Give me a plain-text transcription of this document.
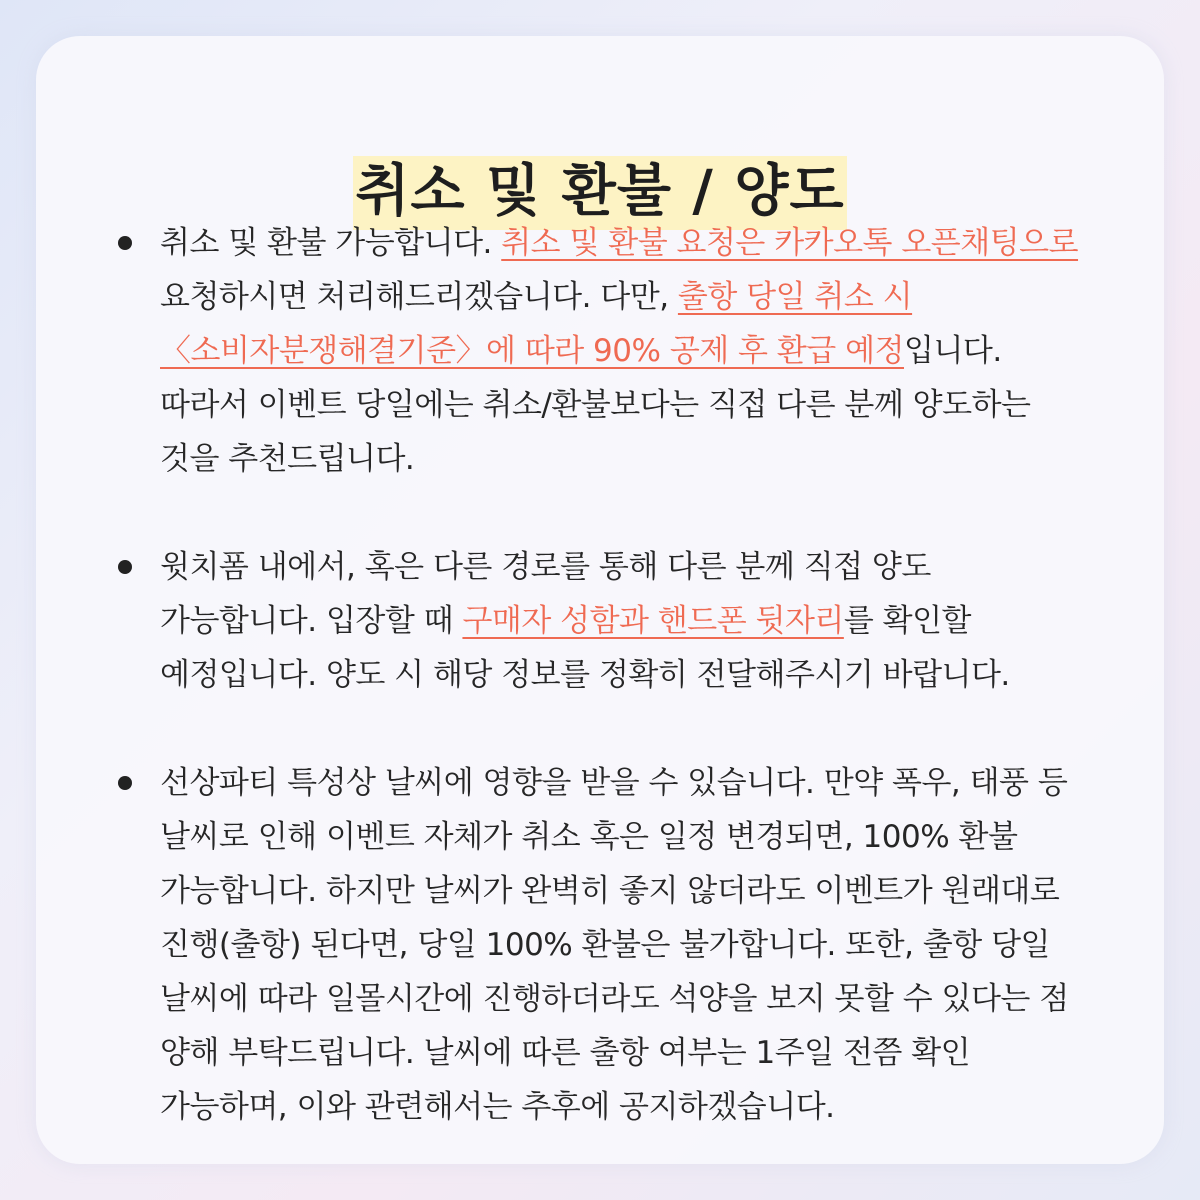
취소 및 환불 / 양도
취소 및 환불 가능합니다. 취소 및 환불 요청은 카카오톡 오픈채팅으로 요청하시면 처리해드리겠습니다. 다만, 출항 당일 취소 시 〈소비자분쟁해결기준〉에 따라 90% 공제 후 환급 예정입니다. 따라서 이벤트 당일에는 취소/환불보다는 직접 다른 분께 양도하는 것을 추천드립니다.
윗치폼 내에서, 혹은 다른 경로를 통해 다른 분께 직접 양도 가능합니다. 입장할 때 구매자 성함과 핸드폰 뒷자리를 확인할 예정입니다. 양도 시 해당 정보를 정확히 전달해주시기 바랍니다.
선상파티 특성상 날씨에 영향을 받을 수 있습니다. 만약 폭우, 태풍 등 날씨로 인해 이벤트 자체가 취소 혹은 일정 변경되면, 100% 환불 가능합니다. 하지만 날씨가 완벽히 좋지 않더라도 이벤트가 원래대로 진행(출항) 된다면, 당일 100% 환불은 불가합니다. 또한, 출항 당일 날씨에 따라 일몰시간에 진행하더라도 석양을 보지 못할 수 있다는 점 양해 부탁드립니다. 날씨에 따른 출항 여부는 1주일 전쯤 확인 가능하며, 이와 관련해서는 추후에 공지하겠습니다.
